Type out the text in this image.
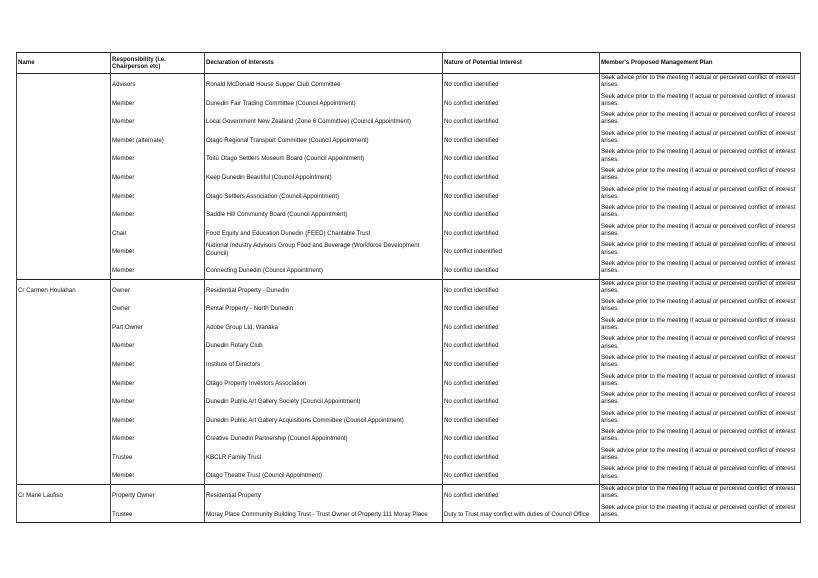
Name	Responsibility (i.e. Chairperson etc)	Declaration of Interests	Nature of Potential Interest	Member's Proposed Management Plan
	Advisors	Ronald McDonald House Supper Club Committee	No conflict identified	Seek advice prior to the meeting if actual or perceived conflict of interest arises.
	Member	Dunedin Fair Trading Committee (Council Appointment)	No conflict identified	Seek advice prior to the meeting if actual or perceived conflict of interest arises.
	Member	Local Government New Zealand (Zone 6 Committee) (Council Appointment)	No conflict identified	Seek advice prior to the meeting if actual or perceived conflict of interest arises.
	Member (alternate)	Otago Regional Transport Committee (Council Appointment)	No conflict identified	Seek advice prior to the meeting if actual or perceived conflict of interest arises.
	Member	Toitū Otago Settlers Museum Board (Council Appointment)	No conflict identified	Seek advice prior to the meeting if actual or perceived conflict of interest arises.
	Member	Keep Dunedin Beautiful (Council Appointment)	No conflict identified	Seek advice prior to the meeting if actual or perceived conflict of interest arises.
	Member	Otago Settlers Association (Council Appointment)	No conflict identified	Seek advice prior to the meeting if actual or perceived conflict of interest arises.
	Member	Saddle Hill Community Board (Council Appointment)	No conflict identified	Seek advice prior to the meeting if actual or perceived conflict of interest arises.
	Chair	Food Equity and Education Dunedin (FEED) Charitable Trust	No conflict identified	Seek advice prior to the meeting if actual or perceived conflict of interest arises.
	Member	National Industry Advisors Group Food and Beverage (Workforce Development Council)	No conflict indentified	Seek advice prior to the meeting if actual or perceived conflict of interest arises.
	Member	Connecting Dunedin (Council Appointment)	No conflict identified	Seek advice prior to the meeting if actual or perceived conflict of interest arises.
Cr Carmen Houlahan	Owner	Residential Property - Dunedin	No conflict identified	Seek advice prior to the meeting if actual or perceived conflict of interest arises.
	Owner	Rental Property - North Dunedin	No conflict identified	Seek advice prior to the meeting if actual or perceived conflict of interest arises.
	Part Owner	Adobe Group Ltd, Wanaka	No conflict identified	Seek advice prior to the meeting if actual or perceived conflict of interest arises.
	Member	Dunedin Rotary Club	No conflict identified	Seek advice prior to the meeting if actual or perceived conflict of interest arises.
	Member	Institute of Directors	No conflict identified	Seek advice prior to the meeting if actual or perceived conflict of interest arises.
	Member	Otago Property Investors Association	No conflict identified	Seek advice prior to the meeting if actual or perceived conflict of interest arises.
	Member	Dunedin Public Art Gallery Society (Council Appointment)	No conflict identified	Seek advice prior to the meeting if actual or perceived conflict of interest arises.
	Member	Dunedin Public Art Gallery Acquisitions Committee (Council Appointment)	No conflict identified	Seek advice prior to the meeting if actual or perceived conflict of interest arises.
	Member	Creative Dunedin Partnership (Council Appointment)	No conflict identified	Seek advice prior to the meeting if actual or perceived conflict of interest arises.
	Trustee	KBCLR Family Trust	No conflict identified	Seek advice prior to the meeting if actual or perceived conflict of interest arises.
	Member	Otago Theatre Trust (Council Appointment)	No conflict identified	Seek advice prior to the meeting if actual or perceived conflict of interest arises.
Cr Marie Laufiso	Property Owner	Residential Property	No conflict identified	Seek advice prior to the meeting if actual or perceived conflict of interest arises.
	Trustee	Moray Place Community Building Trust - Trust Owner of Property 111 Moray Place	Duty to Trust may conflict with duties of Council Office	Seek advice prior to the meeting if actual or perceived conflict of interest arises.
